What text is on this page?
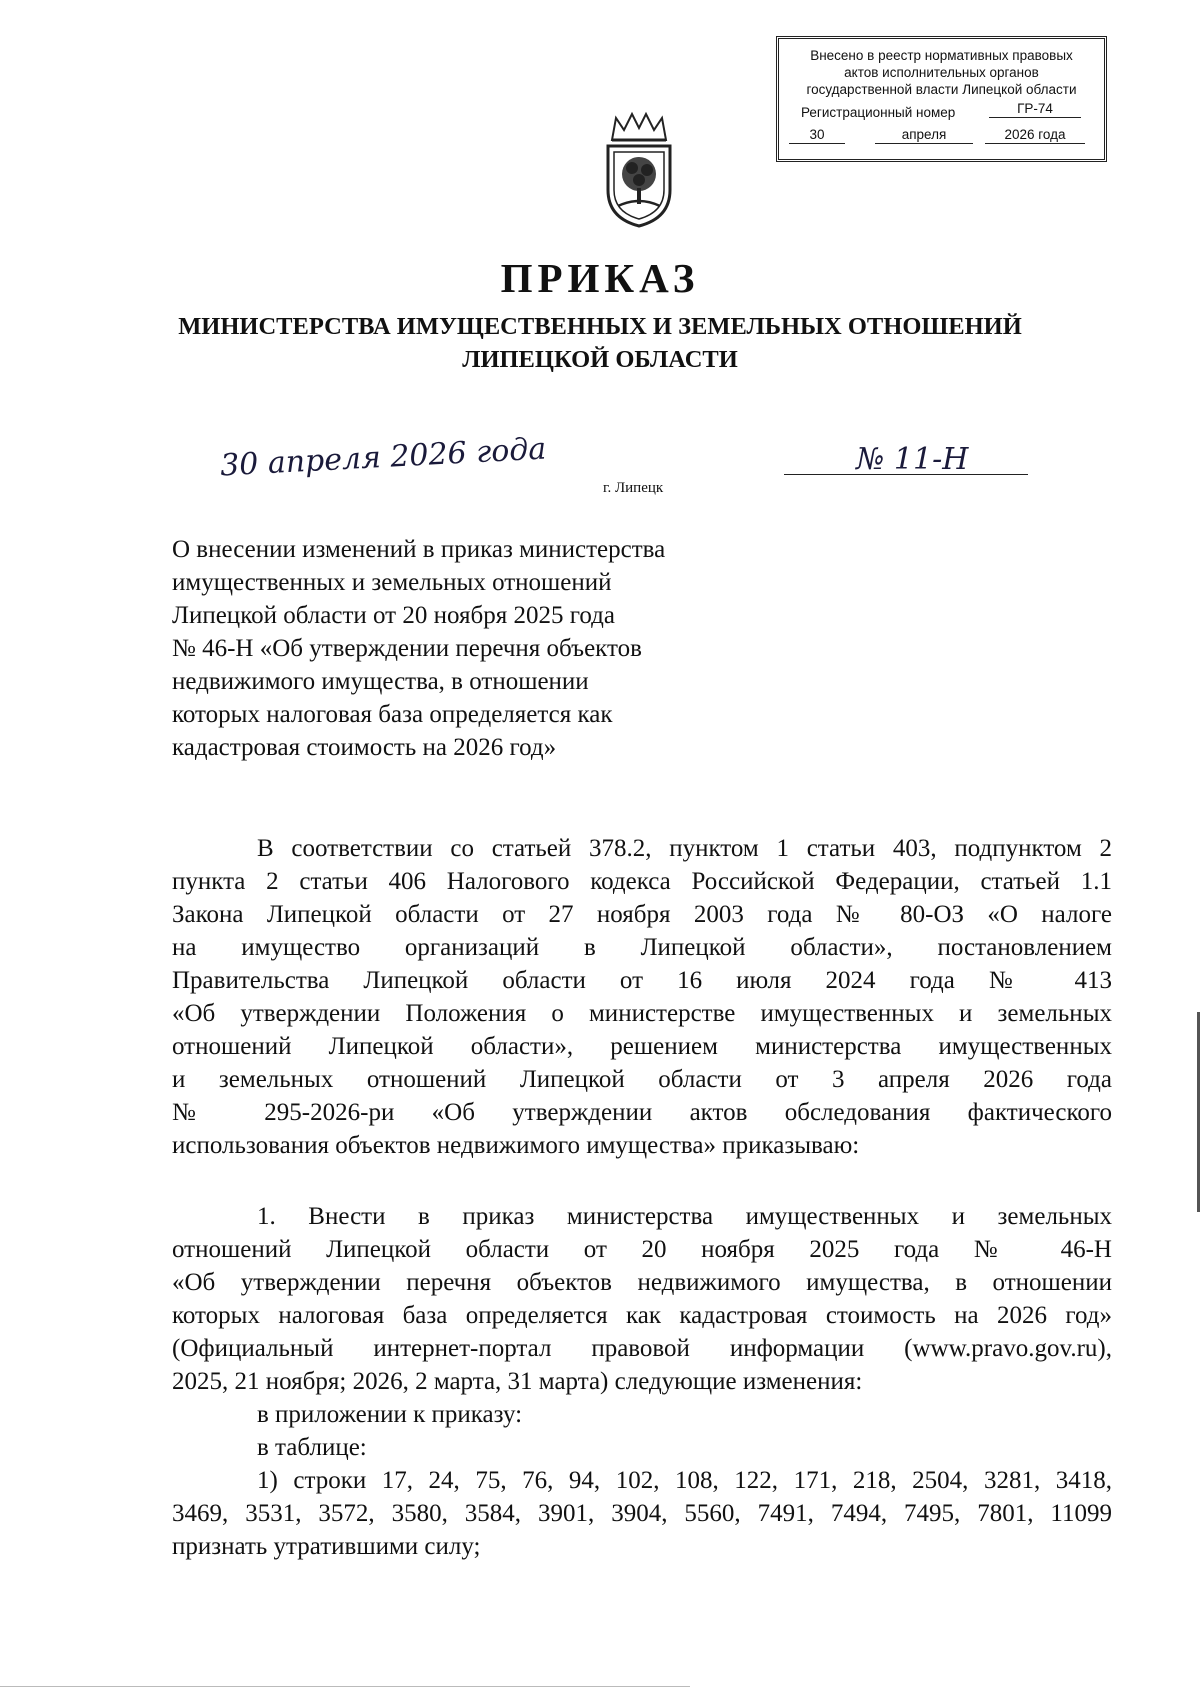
Внесено в реестр нормативных правовых
актов исполнительных органов
государственной власти Липецкой области
Регистрационный номер	ГР-74
30	апреля	2026 года
ПРИКАЗ
МИНИСТЕРСТВА ИМУЩЕСТВЕННЫХ И ЗЕМЕЛЬНЫХ ОТНОШЕНИЙ
ЛИПЕЦКОЙ ОБЛАСТИ
30 апреля 2026 года
г. Липецк
№ 11-Н
О внесении изменений в приказ министерства
имущественных и земельных отношений
Липецкой области от 20 ноября 2025 года
№ 46-Н «Об утверждении перечня объектов
недвижимого имущества, в отношении
которых налоговая база определяется как
кадастровая стоимость на 2026 год»
В соответствии со статьей 378.2, пунктом 1 статьи 403, подпунктом 2
пункта 2 статьи 406 Налогового кодекса Российской Федерации, статьей 1.1
Закона Липецкой области от 27 ноября 2003 года № 80-ОЗ «О налоге
на имущество организаций в Липецкой области», постановлением
Правительства Липецкой области от 16 июля 2024 года № 413
«Об утверждении Положения о министерстве имущественных и земельных
отношений Липецкой области», решением министерства имущественных
и земельных отношений Липецкой области от 3 апреля 2026 года
№ 295-2026-ри «Об утверждении актов обследования фактического
использования объектов недвижимого имущества» приказываю:
1. Внести в приказ министерства имущественных и земельных
отношений Липецкой области от 20 ноября 2025 года № 46-Н
«Об утверждении перечня объектов недвижимого имущества, в отношении
которых налоговая база определяется как кадастровая стоимость на 2026 год»
(Официальный интернет-портал правовой информации (www.pravo.gov.ru),
2025, 21 ноября; 2026, 2 марта, 31 марта) следующие изменения:
в приложении к приказу:
в таблице:
1) строки 17, 24, 75, 76, 94, 102, 108, 122, 171, 218, 2504, 3281, 3418,
3469, 3531, 3572, 3580, 3584, 3901, 3904, 5560, 7491, 7494, 7495, 7801, 11099
признать утратившими силу;
